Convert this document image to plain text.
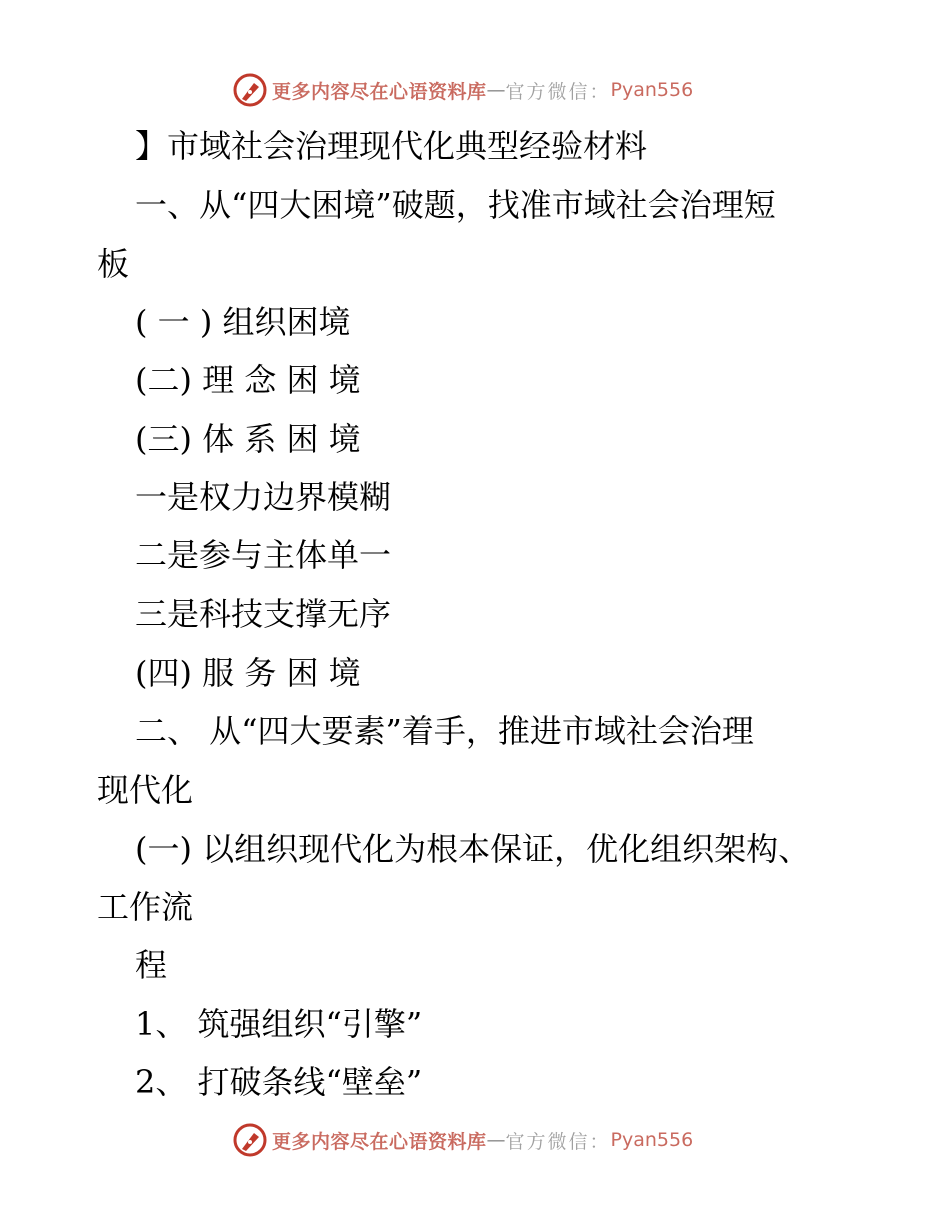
更多内容尽在心语资料库 — 官方微信： Pyan556
】市域社会治理现代化典型经验材料
一、从“四大困境”破题，找准市域社会治理短
板
( 一 ) 组织困境
(二) 理 念 困 境
(三) 体 系 困 境
一是权力边界模糊
二是参与主体单一
三是科技支撑无序
(四) 服 务 困 境
二、 从“四大要素”着手，推进市域社会治理
现代化
(一) 以组织现代化为根本保证，优化组织架构、
工作流
程
1、 筑强组织“引擎”
2、 打破条线“壁垒”
更多内容尽在心语资料库 — 官方微信： Pyan556
